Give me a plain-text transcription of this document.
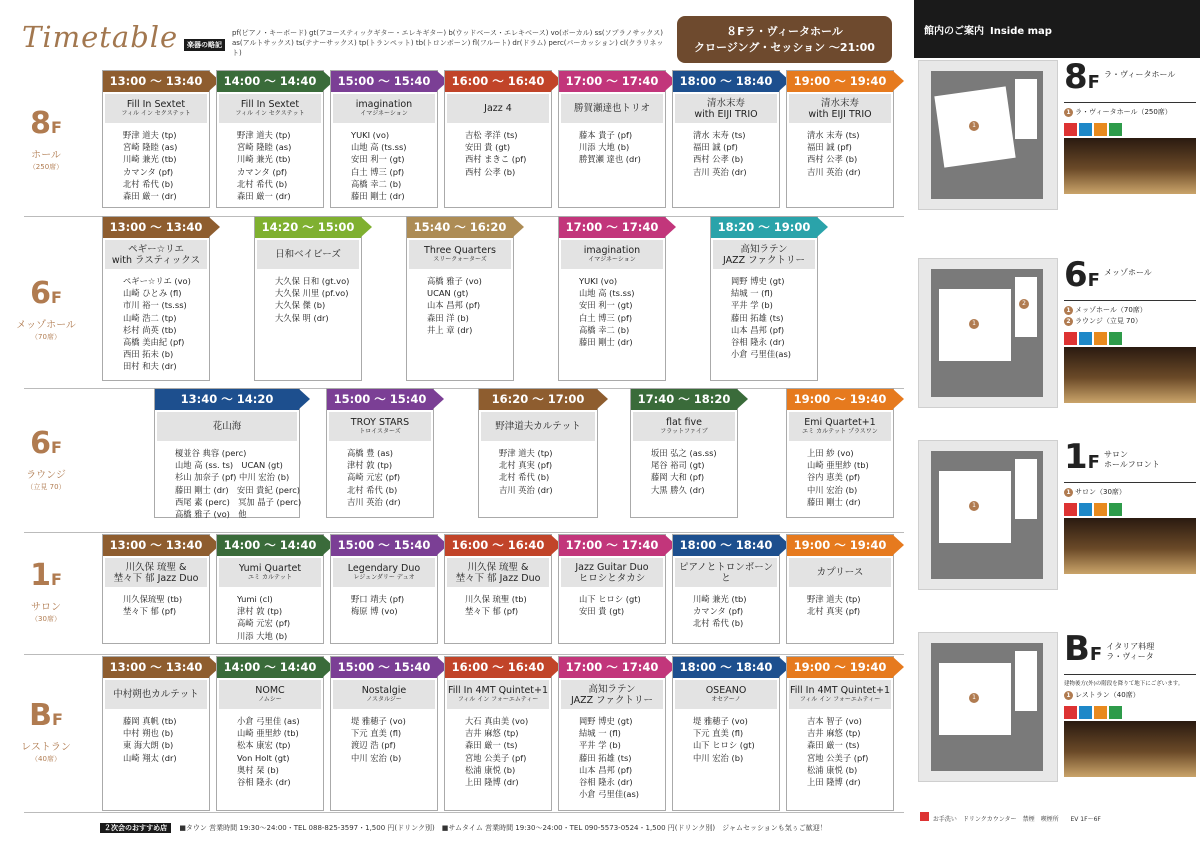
Timetable	楽器の略記
pf(ピアノ・キーボード) gt(アコースティックギター・エレキギター) b(ウッドベース・エレキベース) vo(ボーカル) ss(ソプラノサックス) as(アルトサックス) ts(テナーサックス) tp(トランペット) tb(トロンボーン) fl(フルート) dr(ドラム) perc(パーカッション) cl(クラリネット)
８Fラ・ヴィータホール
クロージング・セッション 〜21:00
8F
ホール
（250席）
6F
メッゾホール
（70席）
6F
ラウンジ
（立見 70）
1F
サロン
（30席）
BF
レストラン
（40席）
13:00 〜 13:40
Fill In Sextet
フィル イン セクステット
野津 道夫 (tp)
宮崎 隆睦 (as)
川崎 兼光 (tb)
カマンタ (pf)
北村 希代 (b)
森田 厳一 (dr)
14:00 〜 14:40
Fill In Sextet
フィル イン セクステット
野津 道夫 (tp)
宮崎 隆睦 (as)
川崎 兼光 (tb)
カマンタ (pf)
北村 希代 (b)
森田 厳一 (dr)
15:00 〜 15:40
imagination
イマジネーション
YUKI (vo)
山地 高 (ts.ss)
安田 利一 (gt)
白土 博三 (pf)
高橋 幸二 (b)
藤田 剛士 (dr)
16:00 〜 16:40
Jazz 4
吉松 孝洋 (ts)
安田 貴 (gt)
西村 まきこ (pf)
西村 公孝 (b)
17:00 〜 17:40
勝賀瀬達也トリオ
藤本 貴子 (pf)
川添 大地 (b)
勝賀瀬 達也 (dr)
18:00 〜 18:40
清水末寿
with EIJI TRIO
清水 末寿 (ts)
福田 誠 (pf)
西村 公孝 (b)
吉川 英治 (dr)
19:00 〜 19:40
清水末寿
with EIJI TRIO
清水 末寿 (ts)
福田 誠 (pf)
西村 公孝 (b)
吉川 英治 (dr)
13:00 〜 13:40
ペギー☆リエ
with ラスティックス
ペギー☆リエ (vo)
山崎 ひとみ (fl)
市川 裕一 (ts.ss)
山崎 浩二 (tp)
杉村 尚英 (tb)
高橋 美由紀 (pf)
西田 拓未 (b)
田村 和夫 (dr)
14:20 〜 15:00
日和ベイビーズ
大久保 日和 (gt.vo)
大久保 川里 (pf.vo)
大久保 傑 (b)
大久保 明 (dr)
15:40 〜 16:20
Three Quarters
スリークォーターズ
高橋 雅子 (vo)
UCAN (gt)
山本 昌邦 (pf)
森田 洋 (b)
井上 章 (dr)
17:00 〜 17:40
imagination
イマジネーション
YUKI (vo)
山地 高 (ts.ss)
安田 利一 (gt)
白土 博三 (pf)
高橋 幸二 (b)
藤田 剛士 (dr)
18:20 〜 19:00
高知ラテン
JAZZ ファクトリー
岡野 博史 (gt)
結城 一 (fl)
平井 学 (b)
藤田 拓雄 (ts)
山本 昌邦 (pf)
谷相 隆永 (dr)
小倉 弓里佳(as)
13:40 〜 14:20
花山海
榎並谷 典容 (perc)
山地 高 (ss. ts)　UCAN (gt)
杉山 加奈子 (pf) 中川 宏治 (b)
藤田 剛士 (dr)　安田 貴紀 (perc)
西尾 素 (perc)　冥加 晶子 (perc)
高橋 雅子 (vo)　他
15:00 〜 15:40
TROY STARS
トロイスターズ
高橋 豊 (as)
津村 敦 (tp)
高崎 元宏 (pf)
北村 希代 (b)
吉川 英治 (dr)
16:20 〜 17:00
野津道夫カルテット
野津 道夫 (tp)
北村 真実 (pf)
北村 希代 (b)
吉川 英治 (dr)
17:40 〜 18:20
flat five
フラットファイブ
坂田 弘之 (as.ss)
尾谷 裕司 (gt)
藤岡 大和 (pf)
大黒 勝久 (dr)
19:00 〜 19:40
Emi Quartet+1
エミ カルテット プラスワン
上田 紗 (vo)
山崎 亜里紗 (tb)
谷内 恵美 (pf)
中川 宏治 (b)
藤田 剛士 (dr)
13:00 〜 13:40
川久保 琉聖 &
埜々下 郁 Jazz Duo
川久保琉聖 (tb)
埜々下 郁 (pf)
14:00 〜 14:40
Yumi Quartet
ユミ カルテット
Yumi (cl)
津村 敦 (tp)
高崎 元宏 (pf)
川添 大地 (b)
15:00 〜 15:40
Legendary Duo
レジェンダリー デュオ
野口 靖夫 (pf)
梅原 博 (vo)
16:00 〜 16:40
川久保 琉聖 &
埜々下 郁 Jazz Duo
川久保 琉聖 (tb)
埜々下 郁 (pf)
17:00 〜 17:40
Jazz Guitar Duo
ヒロシとタカシ
山下 ヒロシ (gt)
安田 貴 (gt)
18:00 〜 18:40
ピアノとトロンボーンと
川崎 兼光 (tb)
カマンタ (pf)
北村 希代 (b)
19:00 〜 19:40
カプリース
野津 道夫 (tp)
北村 真実 (pf)
13:00 〜 13:40
中村朔也カルテット
藤岡 真帆 (tb)
中村 朔也 (b)
東 海大朗 (b)
山崎 翔太 (dr)
14:00 〜 14:40
NOMC
ノムシー
小倉 弓里佳 (as)
山崎 亜里紗 (tb)
松本 康宏 (tp)
Von Holt (gt)
奥村 栞 (b)
谷相 隆永 (dr)
15:00 〜 15:40
Nostalgie
ノスタルジー
堤 雅穂子 (vo)
下元 直美 (fl)
渡辺 浩 (pf)
中川 宏治 (b)
16:00 〜 16:40
Fill In 4MT Quintet+1
フィル イン フォーエムティー
大石 真由美 (vo)
吉井 麻悠 (tp)
森田 厳一 (ts)
宮地 公美子 (pf)
松浦 康悦 (b)
上田 隆博 (dr)
17:00 〜 17:40
高知ラテン
JAZZ ファクトリー
岡野 博史 (gt)
結城 一 (fl)
平井 学 (b)
藤田 拓雄 (ts)
山本 昌邦 (pf)
谷相 隆永 (dr)
小倉 弓里佳(as)
18:00 〜 18:40
OSEANO
オセアーノ
堤 雅穂子 (vo)
下元 直美 (fl)
山下 ヒロシ (gt)
中川 宏治 (b)
19:00 〜 19:40
Fill In 4MT Quintet+1
フィル イン フォーエムティー
吉本 智子 (vo)
吉井 麻悠 (tp)
森田 厳一 (ts)
宮地 公美子 (pf)
松浦 康悦 (b)
上田 隆博 (dr)
２次会のおすすめ店 ■タウン 営業時間 19:30〜24:00・TEL 088-825-3597・1,500 円(ドリンク別)　■サムタイム 営業時間 19:30〜24:00・TEL 090-5573-0524・1,500 円(ドリンク別)　ジャムセッションも気ぅご歓迎！
館内のご案内 Inside map
1
8F ラ・ヴィータホール
1 ラ・ヴィータホール（250席）
1
2
6F メッゾホール
1 メッゾホール（70席）
2 ラウンジ（立見 70）
1
1F サロン
ホールフロント
1 サロン（30席）
1
BF イタリア料理
ラ・ヴィータ
建物後方(外)の階段を降りて地下にございます。
1 レストラン（40席）
お手洗い　ドリンクカウンター　禁煙　喫煙所 EV 1F〜6F
